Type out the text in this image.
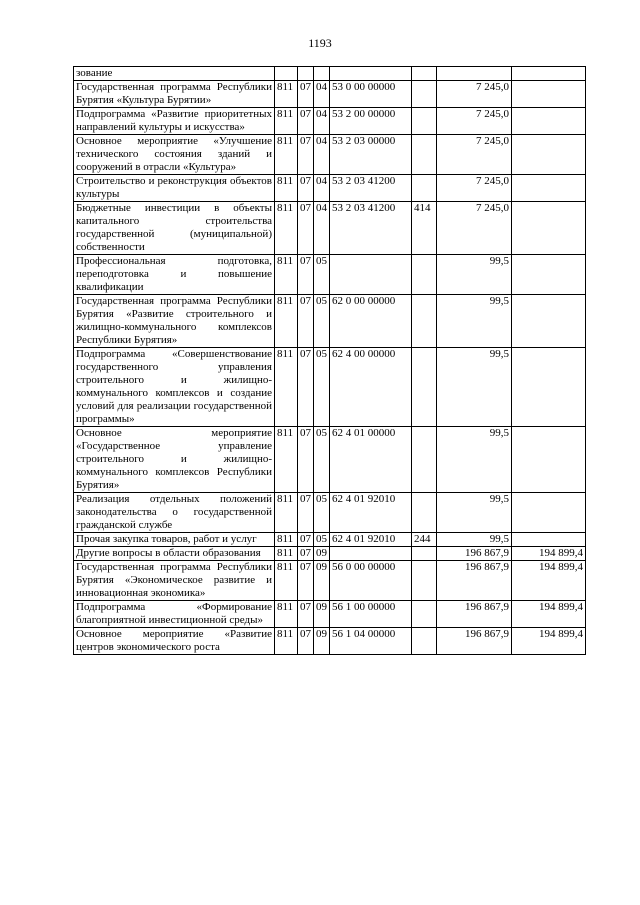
1193
зование							
Государственная программа Республики Бурятия «Культура Бурятии»	811	07	04	53 0 00 00000		7 245,0	
Подпрограмма «Развитие приоритетных направлений культуры и искусства»	811	07	04	53 2 00 00000		7 245,0	
Основное мероприятие «Улучшение технического состояния зданий и сооружений в отрасли «Культура»	811	07	04	53 2 03 00000		7 245,0	
Строительство и реконструкция объектов культуры	811	07	04	53 2 03 41200		7 245,0	
Бюджетные инвестиции в объекты капитального строительства государственной (муниципальной) собственности	811	07	04	53 2 03 41200	414	7 245,0	
Профессиональная подготовка, переподготовка и повышение квалификации	811	07	05			99,5	
Государственная программа Республики Бурятия «Развитие строительного и жилищно-коммунального комплексов Республики Бурятия»	811	07	05	62 0 00 00000		99,5	
Подпрограмма «Совершенствование государственного управления строительного и жилищно-коммунального комплексов и создание условий для реализации государственной программы»	811	07	05	62 4 00 00000		99,5	
Основное мероприятие «Государственное управление строительного и жилищно-коммунального комплексов Республики Бурятия»	811	07	05	62 4 01 00000		99,5	
Реализация отдельных положений законодательства о государственной гражданской службе	811	07	05	62 4 01 92010		99,5	
Прочая закупка товаров, работ и услуг	811	07	05	62 4 01 92010	244	99,5	
Другие вопросы в области образования	811	07	09			196 867,9	194 899,4
Государственная программа Республики Бурятия «Экономическое развитие и инновационная экономика»	811	07	09	56 0 00 00000		196 867,9	194 899,4
Подпрограмма «Формирование благоприятной инвестиционной среды»	811	07	09	56 1 00 00000		196 867,9	194 899,4
Основное мероприятие «Развитие центров экономического роста	811	07	09	56 1 04 00000		196 867,9	194 899,4
